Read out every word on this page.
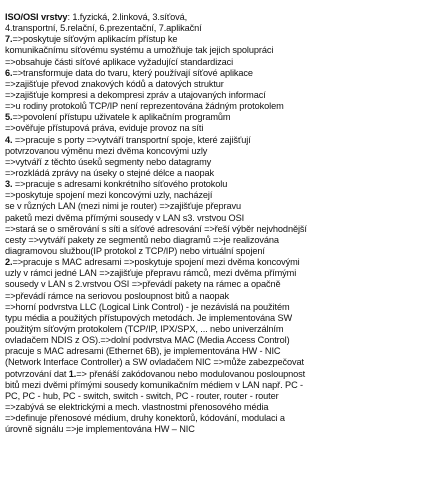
ISO/OSI vrstvy: 1.fyzická, 2.linková, 3.síťová,
4.transportní, 5.relační, 6.prezentační, 7.aplikační
7.=>poskytuje síťovým aplikacím přístup ke
komunikačnímu síťovému systému a umožňuje tak jejich spolupráci
=>obsahuje části síťové aplikace vyžadující standardizaci
6.=>transformuje data do tvaru, který používají síťové aplikace
=>zajišťuje převod znakových kódů a datových struktur
=>zajišťuje kompresi a dekompresi zpráv a utajovaných informací
=>u rodiny protokolů TCP/IP není reprezentována žádným protokolem
5.=>povolení přístupu uživatele k aplikačním programům
=>ověřuje přístupová práva, eviduje provoz na síti
4. =>pracuje s porty =>vytváří transportní spoje, které zajišťují
potvrzovanou výměnu mezi dvěma koncovými uzly
=>vytváří z těchto úseků segmenty nebo datagramy
=>rozkládá zprávy na úseky o stejné délce a naopak
3. =>pracuje s adresami konkrétního síťového protokolu
=>poskytuje spojení mezi koncovými uzly, nacházejí
se v různých LAN (mezi nimi je router) =>zajišťuje přepravu
paketů mezi dvěma přímými sousedy v LAN s3. vrstvou OSI
=>stará se o směrování s síti a síťové adresování =>řeší výběr nejvhodnější
cesty =>vytváří pakety ze segmentů nebo diagramů =>je realizována
diagramovou službou(IP protokol z TCP/IP) nebo virtuální spojení
2.=>pracuje s MAC adresami =>poskytuje spojení mezi dvěma koncovými
uzly v rámci jedné LAN =>zajišťuje přepravu rámců, mezi dvěma přímými
sousedy v LAN s 2.vrstvou OSI =>převádí pakety na rámec a opačně
=>převádí rámce na seriovou posloupnost bitů a naopak
=>horní podvrstva LLC (Logical Link Control) - je nezávislá na použitém
typu média a použitých přístupových metodách. Je implementována SW
použitým síťovým protokolem (TCP/IP, IPX/SPX, ... nebo univerzálním
ovladačem NDIS z OS).=>dolní podvrstva MAC (Media Access Control)
pracuje s MAC adresami (Ethernet 6B), je implementována HW - NIC
(Network Interface Controller) a SW ovladačem NIC =>může zabezpečovat
potvrzování dat 1.=> přenáší zakódovanou nebo modulovanou posloupnost
bitů mezi dvěmi přímými sousedy komunikačním médiem v LAN např. PC -
PC, PC - hub, PC - switch, switch - switch, PC - router, router - router
=>zabývá se elektrickými a mech. vlastnostmi přenosového média
=>definuje přenosové médium, druhy konektorů, kódování, modulaci a
úrovně signálu =>je implementována HW – NIC
